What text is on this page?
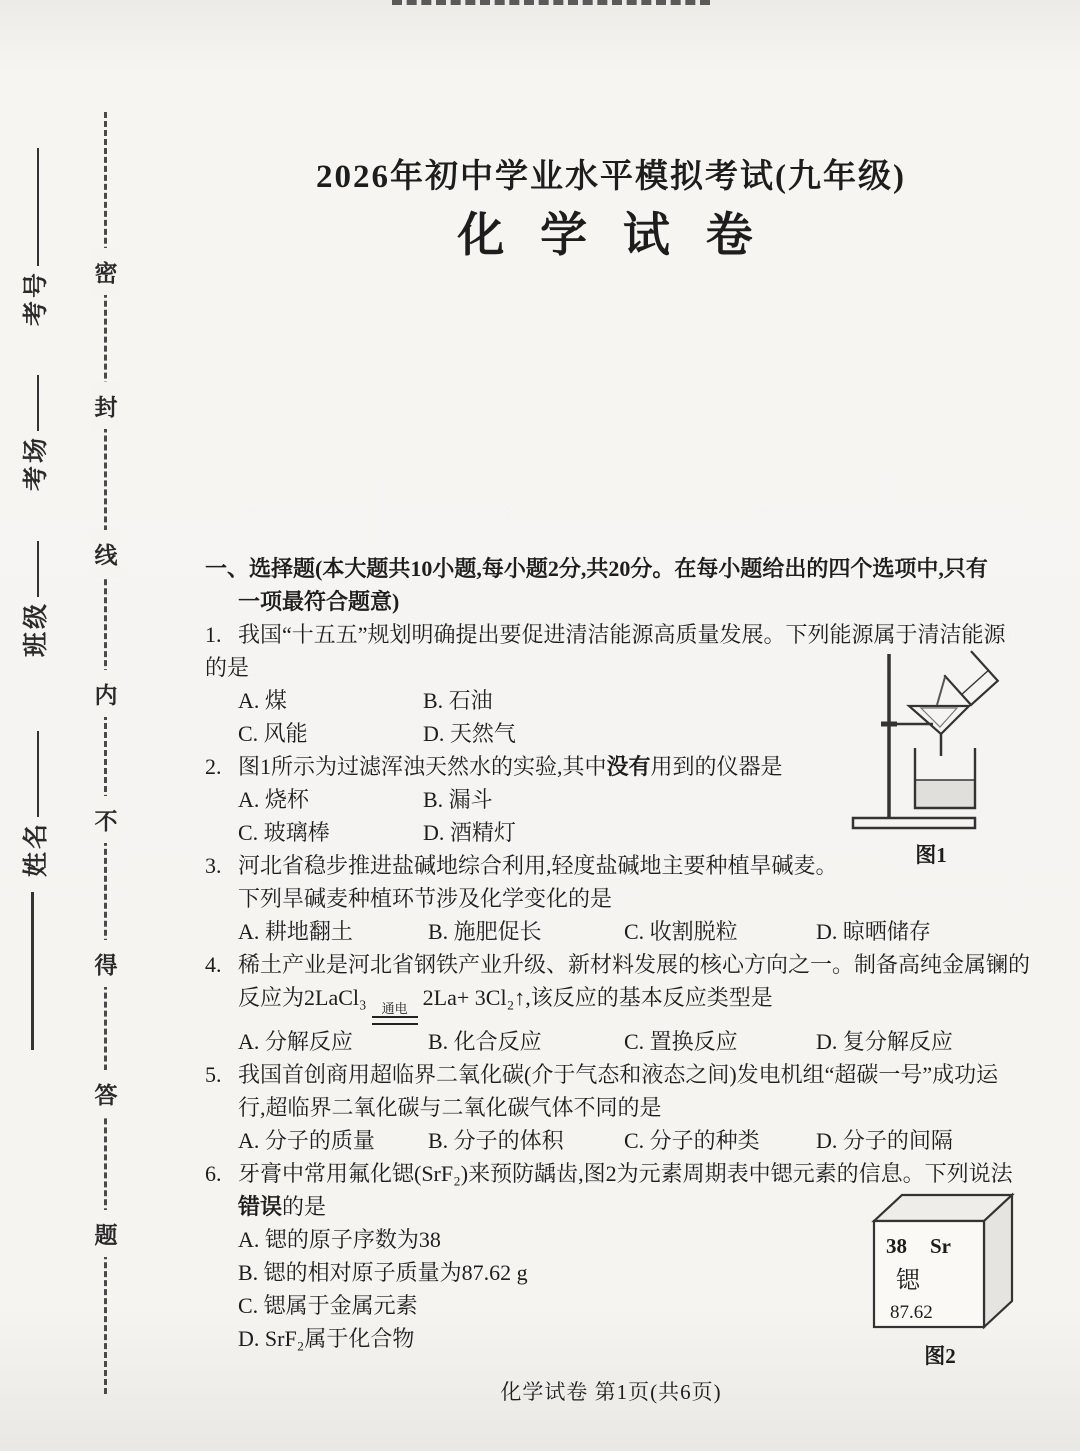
考号
考场
班级
姓名
密
封
线
内
不
得
答
题
2026年初中学业水平模拟考试(九年级)
化 学 试 卷
图1
38 Sr
锶
87.62
图2
一、选择题(本大题共10小题,每小题2分,共20分。在每小题给出的四个选项中,只有
一项最符合题意)
1. 我国“十五五”规划明确提出要促进清洁能源高质量发展。下列能源属于清洁能源
的是
A. 煤	B. 石油
C. 风能	D. 天然气
2. 图1所示为过滤浑浊天然水的实验,其中没有用到的仪器是
A. 烧杯	B. 漏斗
C. 玻璃棒	D. 酒精灯
3. 河北省稳步推进盐碱地综合利用,轻度盐碱地主要种植旱碱麦。
下列旱碱麦种植环节涉及化学变化的是
A. 耕地翻土	B. 施肥促长	C. 收割脱粒	D. 晾晒储存
4. 稀土产业是河北省钢铁产业升级、新材料发展的核心方向之一。制备高纯金属镧的
反应为2LaCl₃ 通电 2La+ 3Cl₂↑,该反应的基本反应类型是
A. 分解反应	B. 化合反应	C. 置换反应	D. 复分解反应
5. 我国首创商用超临界二氧化碳(介于气态和液态之间)发电机组“超碳一号”成功运
行,超临界二氧化碳与二氧化碳气体不同的是
A. 分子的质量	B. 分子的体积	C. 分子的种类	D. 分子的间隔
6. 牙膏中常用氟化锶(SrF₂)来预防龋齿,图2为元素周期表中锶元素的信息。下列说法
错误的是
A. 锶的原子序数为38
B. 锶的相对原子质量为87.62 g
C. 锶属于金属元素
D. SrF₂属于化合物
化学试卷 第1页(共6页)
